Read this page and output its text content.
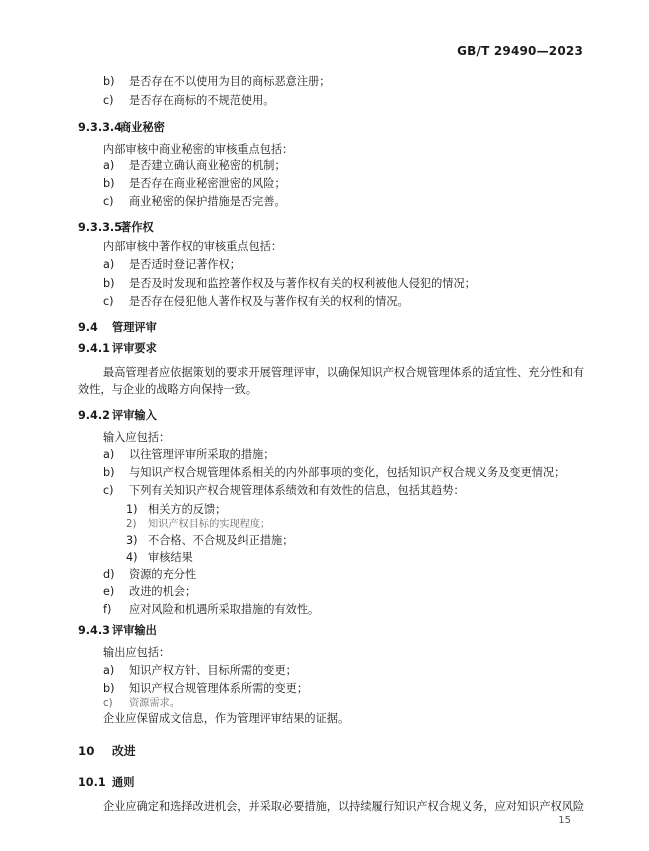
GB/T 29490—2023
b) 是否存在不以使用为目的商标恶意注册；
c) 是否存在商标的不规范使用。
9.3.3.4商业秘密
内部审核中商业秘密的审核重点包括：
a) 是否建立确认商业秘密的机制；
b) 是否存在商业秘密泄密的风险；
c) 商业秘密的保护措施是否完善。
9.3.3.5著作权
内部审核中著作权的审核重点包括：
a) 是否适时登记著作权；
b) 是否及时发现和监控著作权及与著作权有关的权利被他人侵犯的情况；
c) 是否存在侵犯他人著作权及与著作权有关的权利的情况。
9.4 管理评审
9.4.1 评审要求
最高管理者应依据策划的要求开展管理评审，以确保知识产权合规管理体系的适宜性、充分性和有
效性，与企业的战略方向保持一致。
9.4.2 评审输入
输入应包括：
a) 以往管理评审所采取的措施；
b) 与知识产权合规管理体系相关的内外部事项的变化，包括知识产权合规义务及变更情况；
c) 下列有关知识产权合规管理体系绩效和有效性的信息，包括其趋势：
1) 相关方的反馈；
2) 知识产权目标的实现程度；
3) 不合格、不合规及纠正措施；
4) 审核结果
d) 资源的充分性
e) 改进的机会；
f) 应对风险和机遇所采取措施的有效性。
9.4.3 评审输出
输出应包括：
a) 知识产权方针、目标所需的变更；
b) 知识产权合规管理体系所需的变更；
c) 资源需求。
企业应保留成文信息，作为管理评审结果的证据。
10 改进
10.1 通则
企业应确定和选择改进机会，并采取必要措施，以持续履行知识产权合规义务，应对知识产权风险
15
